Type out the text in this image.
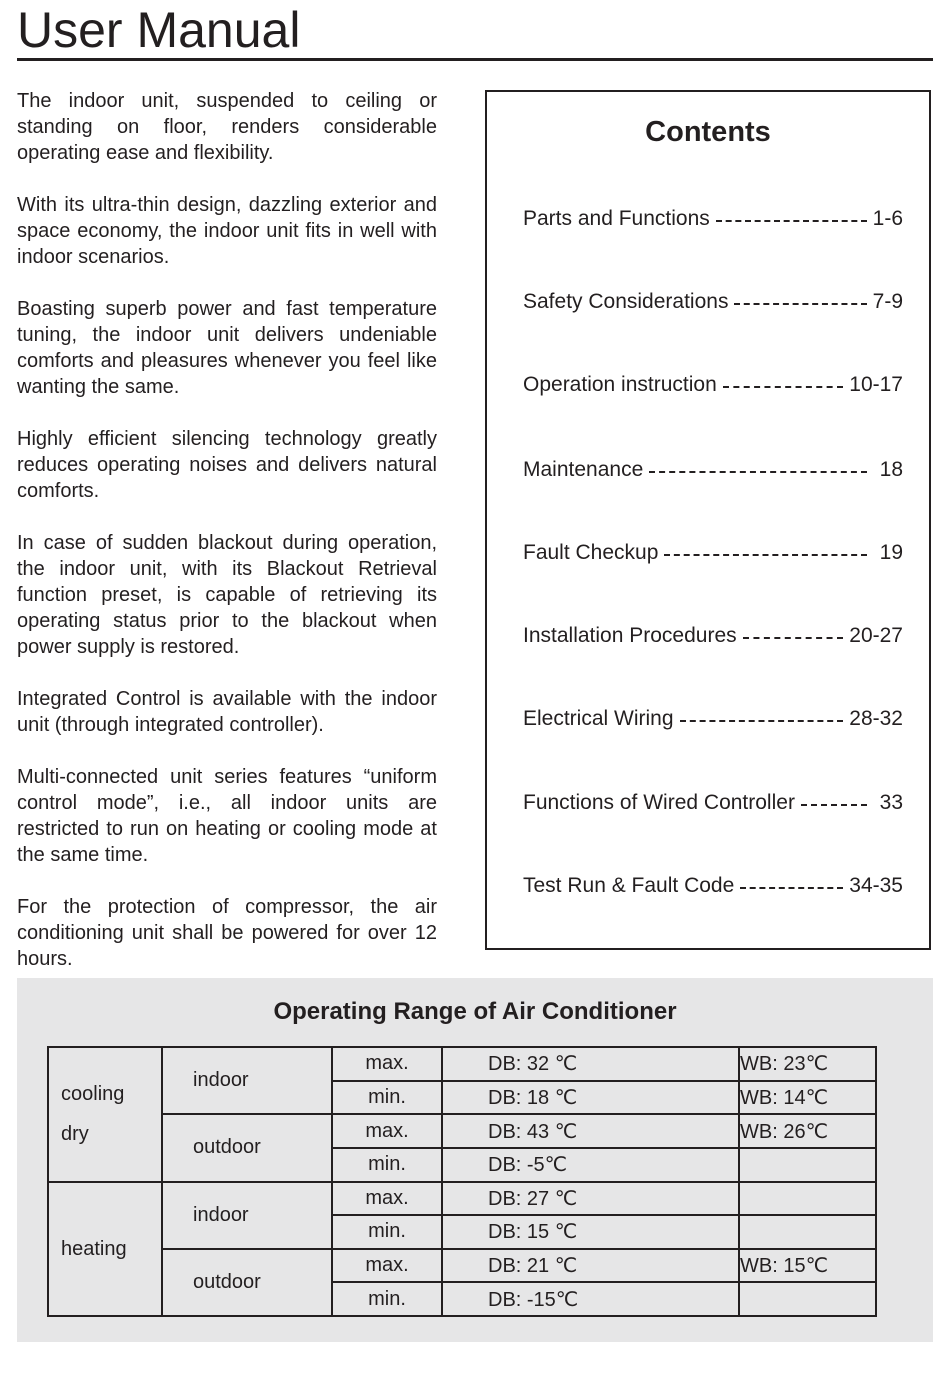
User Manual

The indoor unit, suspended to ceiling or standing on floor, renders considerable operating ease and flexibility.

With its ultra-thin design, dazzling exterior and space economy, the indoor unit fits in well with indoor scenarios.

Boasting superb power and fast temperature tuning, the indoor unit delivers undeniable comforts and pleasures whenever you feel like wanting the same.

Highly efficient silencing technology greatly reduces operating noises and delivers natural comforts.

In case of sudden blackout during operation, the indoor unit, with its Blackout Retrieval function preset, is capable of retrieving its operating status prior to the blackout when power supply is restored.

Integrated Control is available with the indoor unit (through integrated controller).

Multi-connected unit series features “uniform control mode”, i.e., all indoor units are restricted to run on heating or cooling mode at the same time.

For the protection of compressor, the air conditioning unit shall be powered for over 12 hours.

Contents
Parts and Functions	1-6
Safety Considerations	7-9
Operation instruction	10-17
Maintenance	18
Fault Checkup	19
Installation Procedures	20-27
Electrical Wiring	28-32
Functions of Wired Controller	33
Test Run & Fault Code	34-35
Operating Range of Air Conditioner
cooling
dry	indoor	max.	DB: 32 ℃	WB: 23℃
		min.	DB: 18 ℃	WB: 14℃
	outdoor	max.	DB: 43 ℃	WB: 26℃
		min.	DB: -5℃	
heating	indoor	max.	DB: 27 ℃	
		min.	DB: 15 ℃	
	outdoor	max.	DB: 21 ℃	WB: 15℃
		min.	DB: -15℃	
